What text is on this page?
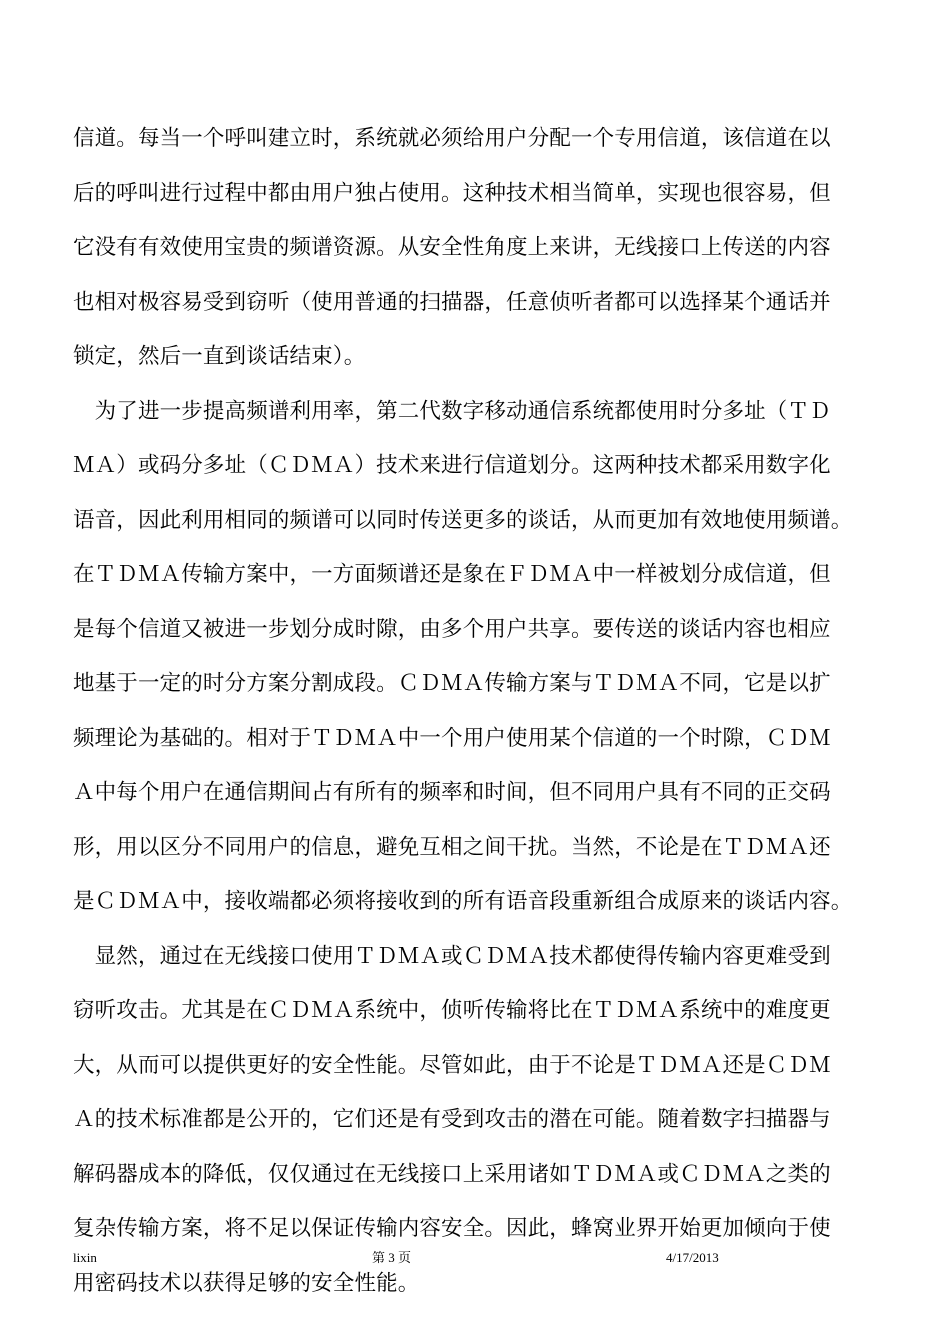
信道。每当一个呼叫建立时，系统就必须给用户分配一个专用信道，该信道在以
后的呼叫进行过程中都由用户独占使用。这种技术相当简单，实现也很容易，但
它没有有效使用宝贵的频谱资源。从安全性角度上来讲，无线接口上传送的内容
也相对极容易受到窃听（使用普通的扫描器，任意侦听者都可以选择某个通话并
锁定，然后一直到谈话结束）。
　为了进一步提高频谱利用率，第二代数字移动通信系统都使用时分多址（ＴＤ
ＭＡ）或码分多址（ＣＤＭＡ）技术来进行信道划分。这两种技术都采用数字化
语音，因此利用相同的频谱可以同时传送更多的谈话，从而更加有效地使用频谱。
在ＴＤＭＡ传输方案中，一方面频谱还是象在ＦＤＭＡ中一样被划分成信道，但
是每个信道又被进一步划分成时隙，由多个用户共享。要传送的谈话内容也相应
地基于一定的时分方案分割成段。ＣＤＭＡ传输方案与ＴＤＭＡ不同，它是以扩
频理论为基础的。相对于ＴＤＭＡ中一个用户使用某个信道的一个时隙，ＣＤＭ
Ａ中每个用户在通信期间占有所有的频率和时间，但不同用户具有不同的正交码
形，用以区分不同用户的信息，避免互相之间干扰。当然，不论是在ＴＤＭＡ还
是ＣＤＭＡ中，接收端都必须将接收到的所有语音段重新组合成原来的谈话内容。
　显然，通过在无线接口使用ＴＤＭＡ或ＣＤＭＡ技术都使得传输内容更难受到
窃听攻击。尤其是在ＣＤＭＡ系统中，侦听传输将比在ＴＤＭＡ系统中的难度更
大，从而可以提供更好的安全性能。尽管如此，由于不论是ＴＤＭＡ还是ＣＤＭ
Ａ的技术标准都是公开的，它们还是有受到攻击的潜在可能。随着数字扫描器与
解码器成本的降低，仅仅通过在无线接口上采用诸如ＴＤＭＡ或ＣＤＭＡ之类的
复杂传输方案，将不足以保证传输内容安全。因此，蜂窝业界开始更加倾向于使
用密码技术以获得足够的安全性能。
lixin	第 3 页	4/17/2013
